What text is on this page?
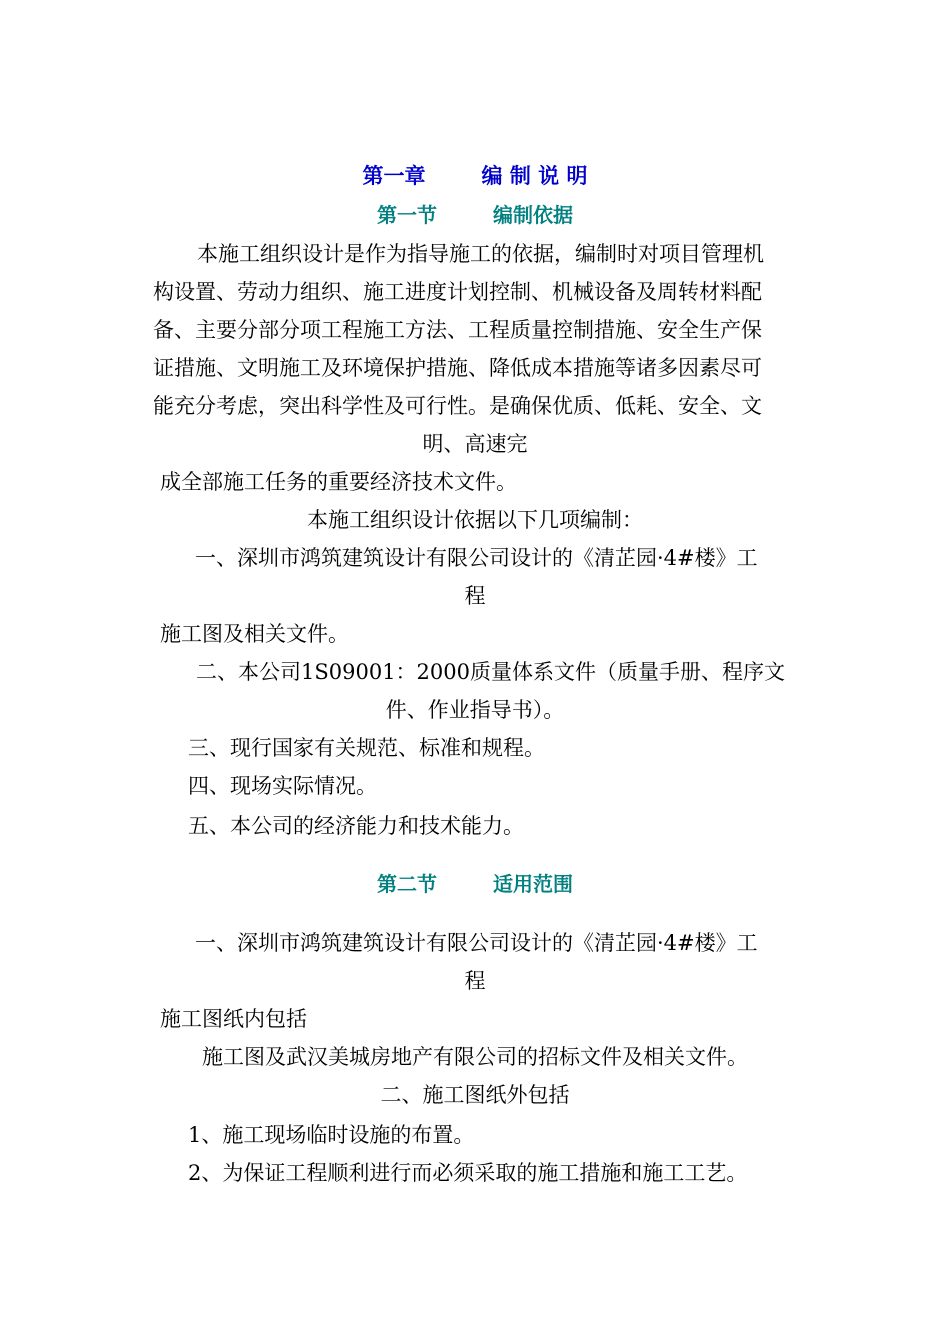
第一章	编 制 说 明
第一节	编制依据
本施工组织设计是作为指导施工的依据，编制时对项目管理机
构设置、劳动力组织、施工进度计划控制、机械设备及周转材料配
备、主要分部分项工程施工方法、工程质量控制措施、安全生产保
证措施、文明施工及环境保护措施、降低成本措施等诸多因素尽可
能充分考虑，突出科学性及可行性。是确保优质、低耗、安全、文
明、高速完
成全部施工任务的重要经济技术文件。
本施工组织设计依据以下几项编制：
一、深圳市鸿筑建筑设计有限公司设计的《清芷园·4#楼》工
程
施工图及相关文件。
二、本公司1S09001：2000质量体系文件（质量手册、程序文
件、作业指导书）。
三、现行国家有关规范、标准和规程。
四、现场实际情况。
五、本公司的经济能力和技术能力。
第二节	适用范围
一、深圳市鸿筑建筑设计有限公司设计的《清芷园·4#楼》工
程
施工图纸内包括
施工图及武汉美城房地产有限公司的招标文件及相关文件。
二、施工图纸外包括
1、施工现场临时设施的布置。
2、为保证工程顺利进行而必须采取的施工措施和施工工艺。
